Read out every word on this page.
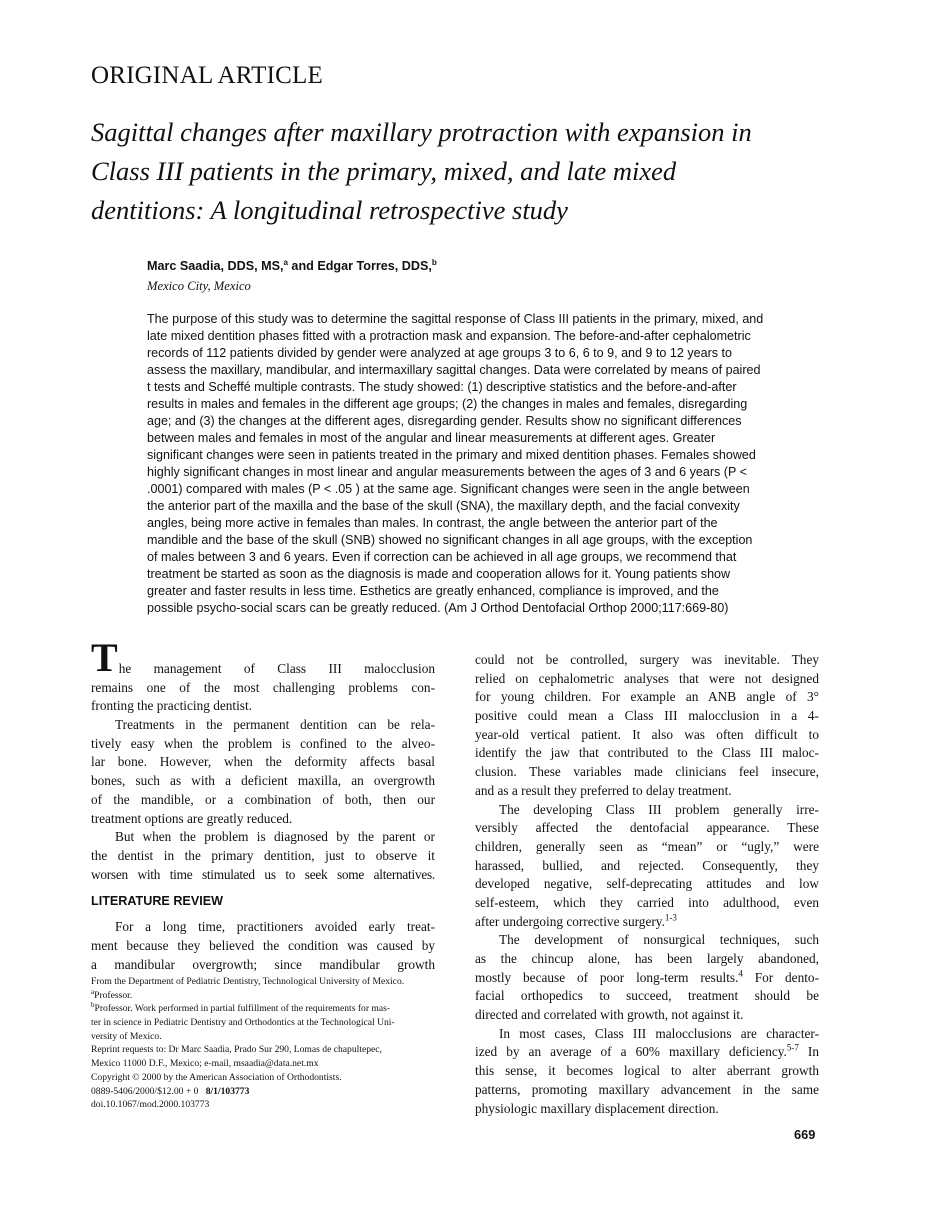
ORIGINAL ARTICLE
Sagittal changes after maxillary protraction with expansion in
Class III patients in the primary, mixed, and late mixed
dentitions: A longitudinal retrospective study
Marc Saadia, DDS, MS,$^a$ and Edgar Torres, DDS,$^b$
Mexico City, Mexico
The purpose of this study was to determine the sagittal response of Class III patients in the primary, mixed, and
late mixed dentition phases fitted with a protraction mask and expansion. The before-and-after cephalometric
records of 112 patients divided by gender were analyzed at age groups 3 to 6, 6 to 9, and 9 to 12 years to
assess the maxillary, mandibular, and intermaxillary sagittal changes. Data were correlated by means of paired
t tests and Scheffé multiple contrasts. The study showed: (1) descriptive statistics and the before-and-after
results in males and females in the different age groups; (2) the changes in males and females, disregarding
age; and (3) the changes at the different ages, disregarding gender. Results show no significant differences
between males and females in most of the angular and linear measurements at different ages. Greater
significant changes were seen in patients treated in the primary and mixed dentition phases. Females showed
highly significant changes in most linear and angular measurements between the ages of 3 and 6 years (P <
.0001) compared with males (P < .05 ) at the same age. Significant changes were seen in the angle between
the anterior part of the maxilla and the base of the skull (SNA), the maxillary depth, and the facial convexity
angles, being more active in females than males. In contrast, the angle between the anterior part of the
mandible and the base of the skull (SNB) showed no significant changes in all age groups, with the exception
of males between 3 and 6 years. Even if correction can be achieved in all age groups, we recommend that
treatment be started as soon as the diagnosis is made and cooperation allows for it. Young patients show
greater and faster results in less time. Esthetics are greatly enhanced, compliance is improved, and the
possible psycho-social scars can be greatly reduced. (Am J Orthod Dentofacial Orthop 2000;117:669-80)
T he management of Class III malocclusion
remains one of the most challenging problems con-
fronting the practicing dentist.
Treatments in the permanent dentition can be rela-
tively easy when the problem is confined to the alveo-
lar bone. However, when the deformity affects basal
bones, such as with a deficient maxilla, an overgrowth
of the mandible, or a combination of both, then our
treatment options are greatly reduced.
But when the problem is diagnosed by the parent or
the dentist in the primary dentition, just to observe it
worsen with time stimulated us to seek some alternatives.
LITERATURE REVIEW
For a long time, practitioners avoided early treat-
ment because they believed the condition was caused by
a mandibular overgrowth; since mandibular growth
could not be controlled, surgery was inevitable. They
relied on cephalometric analyses that were not designed
for young children. For example an ANB angle of 3°
positive could mean a Class III malocclusion in a 4-
year-old vertical patient. It also was often difficult to
identify the jaw that contributed to the Class III maloc-
clusion. These variables made clinicians feel insecure,
and as a result they preferred to delay treatment.
The developing Class III problem generally irre-
versibly affected the dentofacial appearance. These
children, generally seen as “mean” or “ugly,” were
harassed, bullied, and rejected. Consequently, they
developed negative, self-deprecating attitudes and low
self-esteem, which they carried into adulthood, even
after undergoing corrective surgery.$^{1-3}$
The development of nonsurgical techniques, such
as the chincup alone, has been largely abandoned,
mostly because of poor long-term results.$^4$ For dento-
facial orthopedics to succeed, treatment should be
directed and correlated with growth, not against it.
In most cases, Class III malocclusions are character-
ized by an average of a 60% maxillary deficiency.$^{5-7}$ In
this sense, it becomes logical to alter aberrant growth
patterns, promoting maxillary advancement in the same
physiologic maxillary displacement direction.
From the Department of Pediatric Dentistry, Technological University of Mexico.
$^a$Professor.
$^b$Professor. Work performed in partial fulfillment of the requirements for mas-
ter in science in Pediatric Dentistry and Orthodontics at the Technological Uni-
versity of Mexico.
Reprint requests to: Dr Marc Saadia, Prado Sur 290, Lomas de chapultepec,
Mexico 11000 D.F., Mexico; e-mail, msaadia@data.net.mx
Copyright © 2000 by the American Association of Orthodontists.
0889-5406/2000/$12.00 + 0 8/1/103773
doi.10.1067/mod.2000.103773
669
